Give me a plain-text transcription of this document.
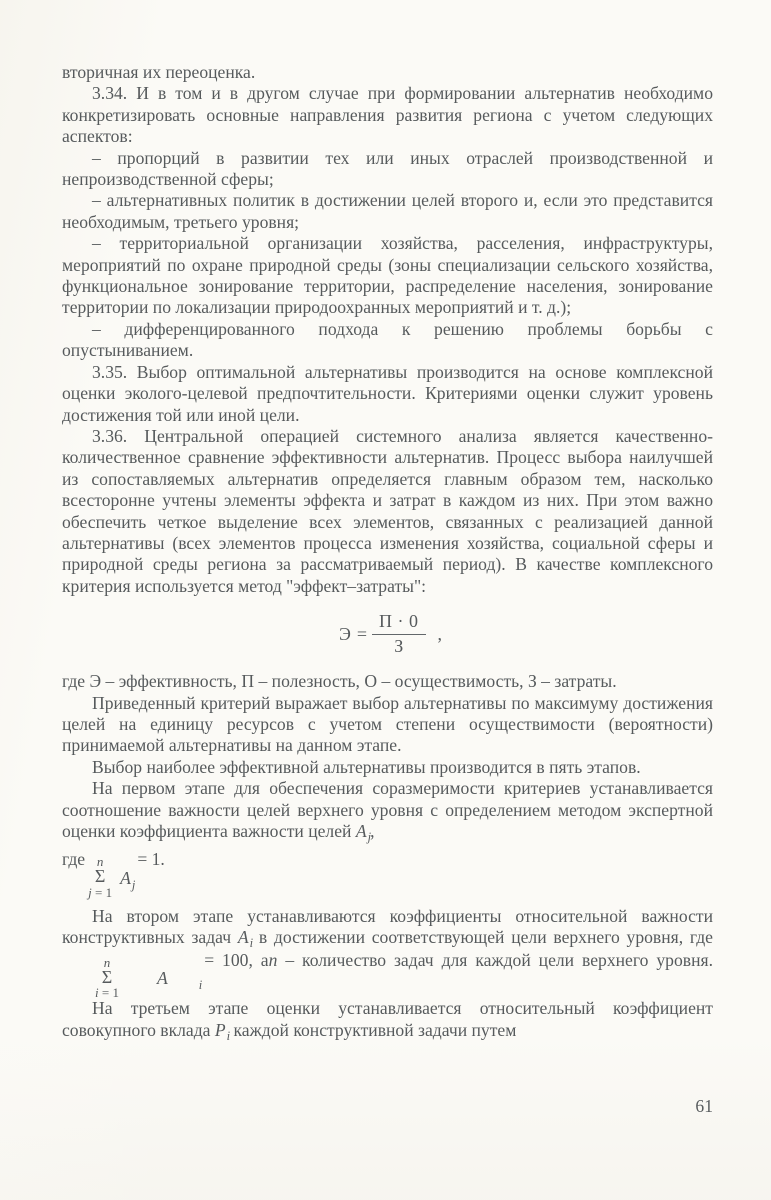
вторичная их переоценка.

3.34. И в том и в другом случае при формировании альтернатив необходимо конкретизировать основные направления развития региона с учетом следующих аспектов:

– пропорций в развитии тех или иных отраслей производственной и непроизводственной сферы;

– альтернативных политик в достижении целей второго и, если это представится необходимым, третьего уровня;

– территориальной организации хозяйства, расселения, инфраструктуры, мероприятий по охране природной среды (зоны специализации сельского хозяйства, функциональное зонирование территории, распределение населения, зонирование территории по локализации природоохранных мероприятий и т. д.);

– дифференцированного подхода к решению проблемы борьбы с опустыниванием.

3.35. Выбор оптимальной альтернативы производится на основе комплексной оценки эколого-целевой предпочтительности. Критериями оценки служит уровень достижения той или иной цели.

3.36. Центральной операцией системного анализа является качественно-количественное сравнение эффективности альтернатив. Процесс выбора наилучшей из сопоставляемых альтернатив определяется главным образом тем, насколько всесторонне учтены элементы эффекта и затрат в каждом из них. При этом важно обеспечить четкое выделение всех элементов, связанных с реализацией данной альтернативы (всех элементов процесса изменения хозяйства, социальной сферы и природной среды региона за рассматриваемый период). В качестве комплексного критерия используется метод "эффект–затраты":

$Э = \frac{П \cdot 0}{З}$ ,

где Э – эффективность, П – полезность, О – осуществимость, З – затраты.

Приведенный критерий выражает выбор альтернативы по максимуму достижения целей на единицу ресурсов с учетом степени осуществимости (вероятности) принимаемой альтернативы на данном этапе.

Выбор наиболее эффективной альтернативы производится в пять этапов.

На первом этапе для обеспечения соразмеримости критериев устанавливается соотношение важности целей верхнего уровня с определением методом экспертной оценки коэффициента важности целей $A_j$,

где n
Σ
j = 1
A j
= 1.

На втором этапе устанавливаются коэффициенты относительной важности конструктивных задач $A_i$ в достижении соответствующей цели верхнего уровня, где
n
Σ
i = 1
A	i
= 100, аn – количество задач для каждой цели верхнего уровня.

На третьем этапе оценки устанавливается относительный коэффициент совокупного вклада $P_i$ каждой конструктивной задачи путем

61
